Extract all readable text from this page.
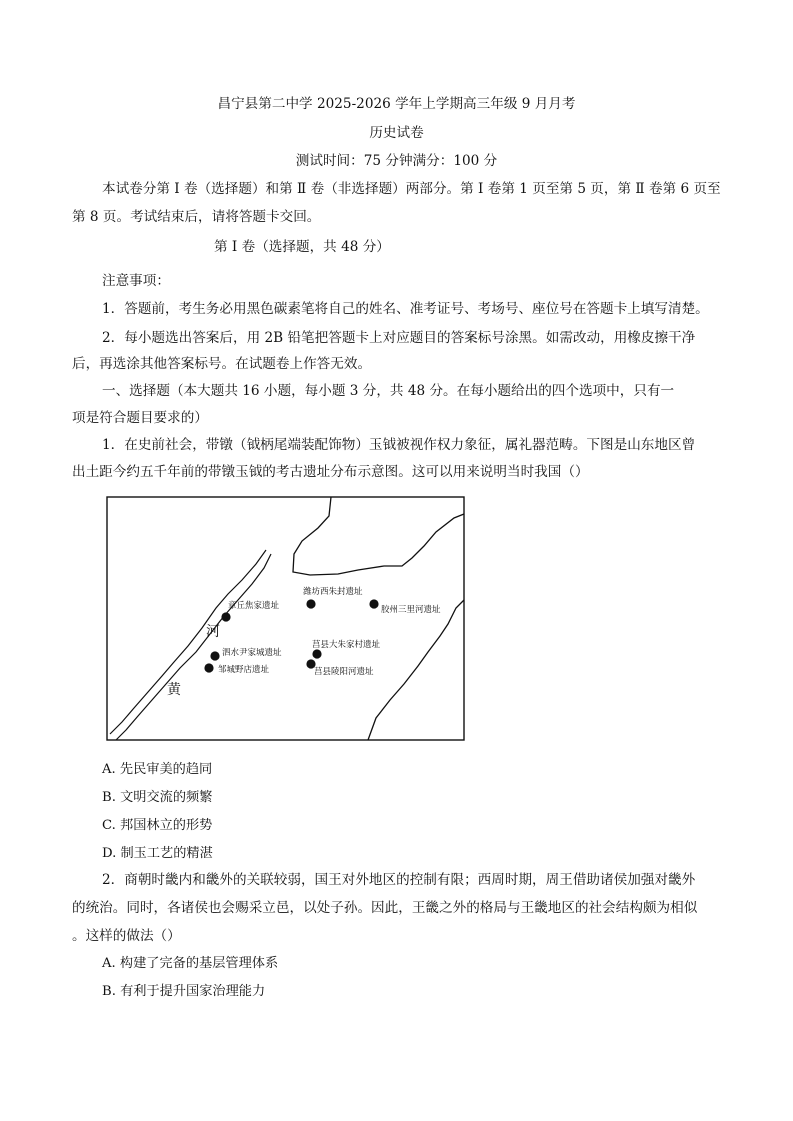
昌宁县第二中学 2025-2026 学年上学期高三年级 9 月月考
历史试卷
测试时间：75 分钟满分：100 分
本试卷分第 Ⅰ 卷（选择题）和第 Ⅱ 卷（非选择题）两部分。第 Ⅰ 卷第 1 页至第 5 页，第 Ⅱ 卷第 6 页至
第 8 页。考试结束后，请将答题卡交回。
第 Ⅰ 卷（选择题，共 48 分）
注意事项：
1．答题前，考生务必用黑色碳素笔将自己的姓名、准考证号、考场号、座位号在答题卡上填写清楚。
2．每小题选出答案后，用 2B 铅笔把答题卡上对应题目的答案标号涂黑。如需改动，用橡皮擦干净
后，再选涂其他答案标号。在试题卷上作答无效。
一、选择题（本大题共 16 小题，每小题 3 分，共 48 分。在每小题给出的四个选项中，只有一
项是符合题目要求的）
1．在史前社会，带镦（钺柄尾端装配饰物）玉钺被视作权力象征，属礼器范畴。下图是山东地区曾
出土距今约五千年前的带镦玉钺的考古遗址分布示意图。这可以用来说明当时我国（）
潍坊西朱封遗址
胶州三里河遗址
章丘焦家遗址
莒县大朱家村遗址
泗水尹家城遗址
邹城野店遗址	莒县陵阳河遗址
河
黄
A. 先民审美的趋同
B. 文明交流的频繁
C. 邦国林立的形势
D. 制玉工艺的精湛
2．商朝时畿内和畿外的关联较弱，国王对外地区的控制有限；西周时期，周王借助诸侯加强对畿外
的统治。同时，各诸侯也会赐采立邑，以处子孙。因此，王畿之外的格局与王畿地区的社会结构颇为相似
。这样的做法（）
A. 构建了完备的基层管理体系
B. 有利于提升国家治理能力
